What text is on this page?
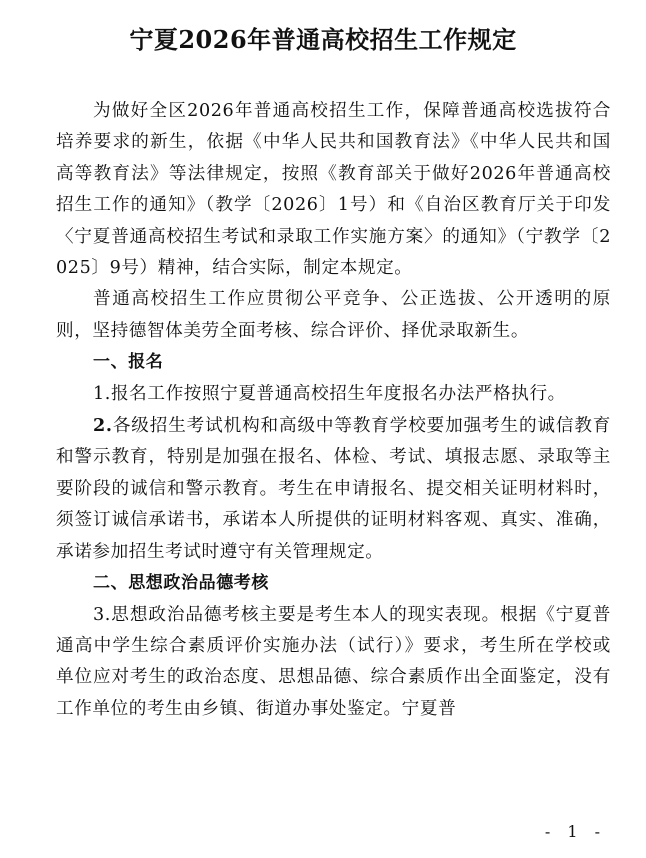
宁夏2026年普通高校招生工作规定

为做好全区2026年普通高校招生工作，保障普通高校选拔符合培养要求的新生，依据《中华人民共和国教育法》《中华人民共和国高等教育法》等法律规定，按照《教育部关于做好2026年普通高校招生工作的通知》（教学〔2026〕1号）和《自治区教育厅关于印发〈宁夏普通高校招生考试和录取工作实施方案〉的通知》（宁教学〔2025〕9号）精神，结合实际，制定本规定。

普通高校招生工作应贯彻公平竞争、公正选拔、公开透明的原则，坚持德智体美劳全面考核、综合评价、择优录取新生。

一、报名

1.报名工作按照宁夏普通高校招生年度报名办法严格执行。

2.各级招生考试机构和高级中等教育学校要加强考生的诚信教育和警示教育，特别是加强在报名、体检、考试、填报志愿、录取等主要阶段的诚信和警示教育。考生在申请报名、提交相关证明材料时，须签订诚信承诺书，承诺本人所提供的证明材料客观、真实、准确，承诺参加招生考试时遵守有关管理规定。

二、思想政治品德考核

3.思想政治品德考核主要是考生本人的现实表现。根据《宁夏普通高中学生综合素质评价实施办法（试行）》要求，考生所在学校或单位应对考生的政治态度、思想品德、综合素质作出全面鉴定，没有工作单位的考生由乡镇、街道办事处鉴定。宁夏普

- 1 -
